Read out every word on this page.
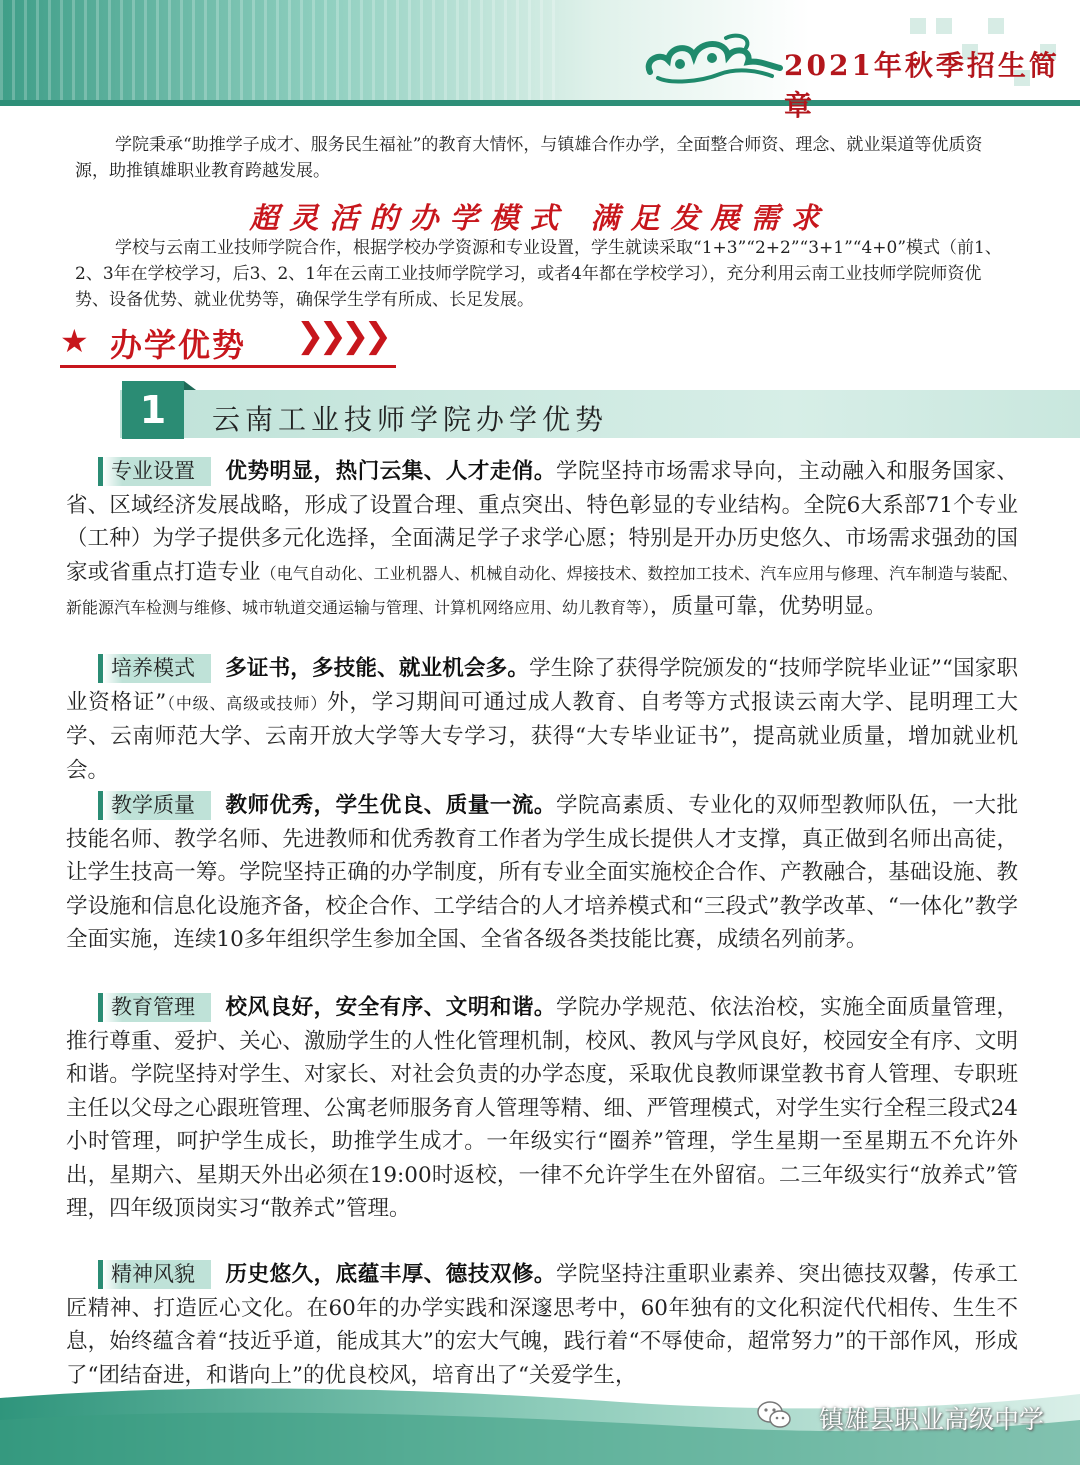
2021年秋季招生简章
学院秉承“助推学子成才、服务民生福祉”的教育大情怀，与镇雄合作办学，全面整合师资、理念、就业渠道等优质资源，助推镇雄职业教育跨越发展。
超灵活的办学模式 满足发展需求
学校与云南工业技师学院合作，根据学校办学资源和专业设置，学生就读采取“1+3”“2+2”“3+1”“4+0”模式（前1、2、3年在学校学习，后3、2、1年在云南工业技师学院学习，或者4年都在学校学习），充分利用云南工业技师学院师资优势、设备优势、就业优势等，确保学生学有所成、长足发展。
★ 办学优势 ❯❯❯❯
1	云南工业技师学院办学优势
专业设置 优势明显，热门云集、人才走俏。学院坚持市场需求导向，主动融入和服务国家、省、区域经济发展战略，形成了设置合理、重点突出、特色彰显的专业结构。全院6大系部71个专业（工种）为学子提供多元化选择，全面满足学子求学心愿；特别是开办历史悠久、市场需求强劲的国家或省重点打造专业（电气自动化、工业机器人、机械自动化、焊接技术、数控加工技术、汽车应用与修理、汽车制造与装配、新能源汽车检测与维修、城市轨道交通运输与管理、计算机网络应用、幼儿教育等），质量可靠，优势明显。
培养模式 多证书，多技能、就业机会多。学生除了获得学院颁发的“技师学院毕业证”“国家职业资格证”（中级、高级或技师）外，学习期间可通过成人教育、自考等方式报读云南大学、昆明理工大学、云南师范大学、云南开放大学等大专学习，获得“大专毕业证书”，提高就业质量，增加就业机会。
教学质量 教师优秀，学生优良、质量一流。学院高素质、专业化的双师型教师队伍，一大批技能名师、教学名师、先进教师和优秀教育工作者为学生成长提供人才支撑，真正做到名师出高徒，让学生技高一筹。学院坚持正确的办学制度，所有专业全面实施校企合作、产教融合，基础设施、教学设施和信息化设施齐备，校企合作、工学结合的人才培养模式和“三段式”教学改革、“一体化”教学全面实施，连续10多年组织学生参加全国、全省各级各类技能比赛，成绩名列前茅。
教育管理 校风良好，安全有序、文明和谐。学院办学规范、依法治校，实施全面质量管理，推行尊重、爱护、关心、激励学生的人性化管理机制，校风、教风与学风良好，校园安全有序、文明和谐。学院坚持对学生、对家长、对社会负责的办学态度，采取优良教师课堂教书育人管理、专职班主任以父母之心跟班管理、公寓老师服务育人管理等精、细、严管理模式，对学生实行全程三段式24小时管理，呵护学生成长，助推学生成才。一年级实行“圈养”管理，学生星期一至星期五不允许外出，星期六、星期天外出必须在19:00时返校，一律不允许学生在外留宿。二三年级实行“放养式”管理，四年级顶岗实习“散养式”管理。
精神风貌 历史悠久，底蕴丰厚、德技双修。学院坚持注重职业素养、突出德技双馨，传承工匠精神、打造匠心文化。在60年的办学实践和深邃思考中，60年独有的文化积淀代代相传、生生不息，始终蕴含着“技近乎道，能成其大”的宏大气魄，践行着“不辱使命，超常努力”的干部作风，形成了“团结奋进，和谐向上”的优良校风，培育出了“关爱学生，
镇雄县职业高级中学
